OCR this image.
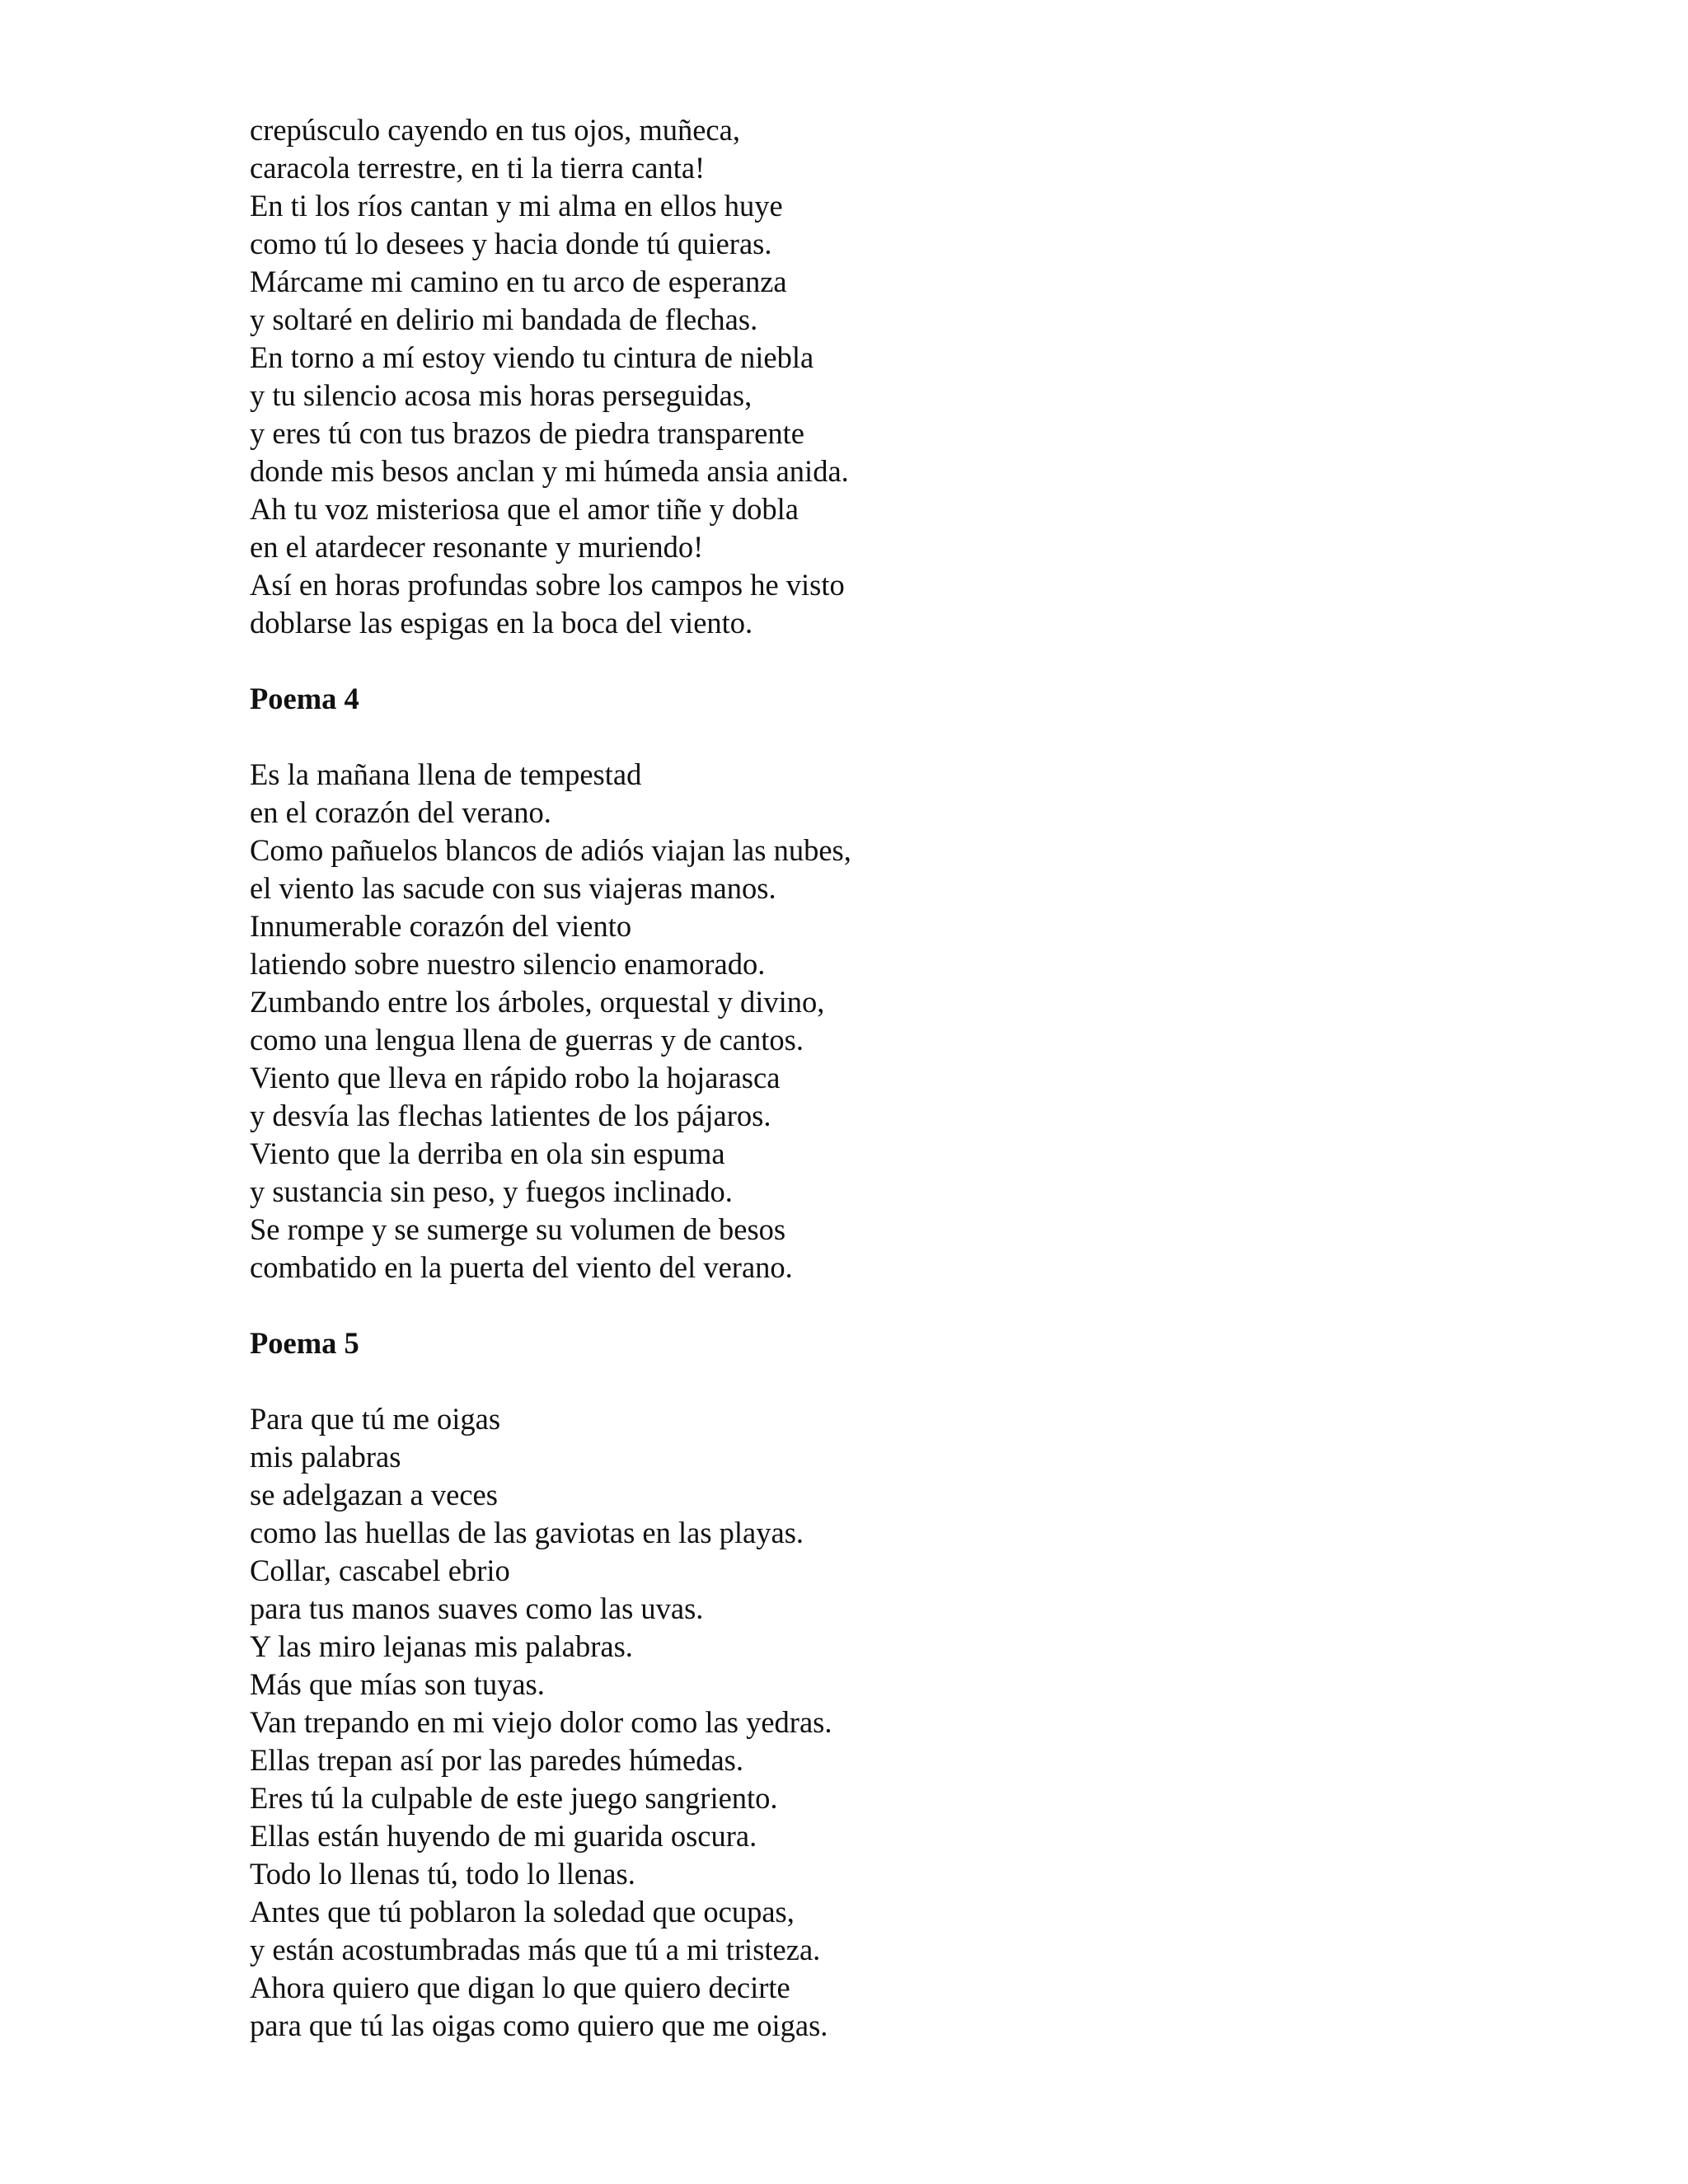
crepúsculo cayendo en tus ojos, muñeca,
caracola terrestre, en ti la tierra canta!
En ti los ríos cantan y mi alma en ellos huye
como tú lo desees y hacia donde tú quieras.
Márcame mi camino en tu arco de esperanza
y soltaré en delirio mi bandada de flechas.
En torno a mí estoy viendo tu cintura de niebla
y tu silencio acosa mis horas perseguidas,
y eres tú con tus brazos de piedra transparente
donde mis besos anclan y mi húmeda ansia anida.
Ah tu voz misteriosa que el amor tiñe y dobla
en el atardecer resonante y muriendo!
Así en horas profundas sobre los campos he visto
doblarse las espigas en la boca del viento.
Poema 4
Es la mañana llena de tempestad
en el corazón del verano.
Como pañuelos blancos de adiós viajan las nubes,
el viento las sacude con sus viajeras manos.
Innumerable corazón del viento
latiendo sobre nuestro silencio enamorado.
Zumbando entre los árboles, orquestal y divino,
como una lengua llena de guerras y de cantos.
Viento que lleva en rápido robo la hojarasca
y desvía las flechas latientes de los pájaros.
Viento que la derriba en ola sin espuma
y sustancia sin peso, y fuegos inclinado.
Se rompe y se sumerge su volumen de besos
combatido en la puerta del viento del verano.
Poema 5
Para que tú me oigas
mis palabras
se adelgazan a veces
como las huellas de las gaviotas en las playas.
Collar, cascabel ebrio
para tus manos suaves como las uvas.
Y las miro lejanas mis palabras.
Más que mías son tuyas.
Van trepando en mi viejo dolor como las yedras.
Ellas trepan así por las paredes húmedas.
Eres tú la culpable de este juego sangriento.
Ellas están huyendo de mi guarida oscura.
Todo lo llenas tú, todo lo llenas.
Antes que tú poblaron la soledad que ocupas,
y están acostumbradas más que tú a mi tristeza.
Ahora quiero que digan lo que quiero decirte
para que tú las oigas como quiero que me oigas.
